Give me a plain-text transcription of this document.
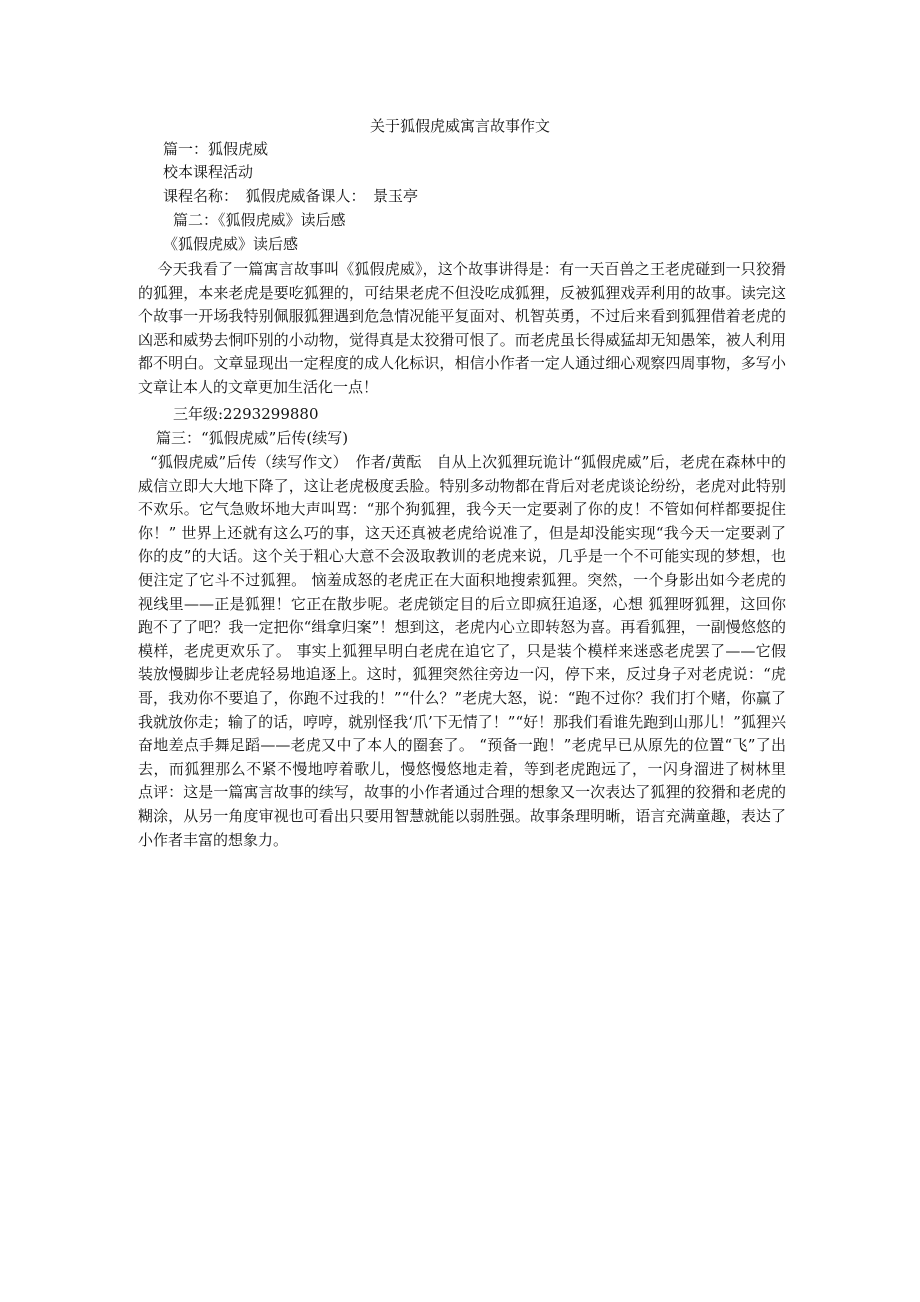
关于狐假虎威寓言故事作文
篇一：狐假虎威
校本课程活动
课程名称：　狐假虎威备课人：　景玉亭
篇二：《狐假虎威》读后感
《狐假虎威》读后感

今天我看了一篇寓言故事叫《狐假虎威》，这个故事讲得是：有一天百兽之王老虎碰到一只狡猾的狐狸，本来老虎是要吃狐狸的，可结果老虎不但没吃成狐狸，反被狐狸戏弄利用的故事。读完这个故事一开场我特别佩服狐狸遇到危急情况能平复面对、机智英勇，不过后来看到狐狸借着老虎的凶恶和威势去恫吓别的小动物，觉得真是太狡猾可恨了。而老虎虽长得威猛却无知愚笨，被人利用都不明白。文章显现出一定程度的成人化标识，相信小作者一定人通过细心观察四周事物，多写小文章让本人的文章更加生活化一点！

三年级:2293299880
篇三：“狐假虎威”后传(续写)

“狐假虎威”后传（续写作文）　作者/黄酝　自从上次狐狸玩诡计“狐假虎威”后，老虎在森林中的威信立即大大地下降了，这让老虎极度丢脸。特别多动物都在背后对老虎谈论纷纷，老虎对此特别不欢乐。它气急败坏地大声叫骂：“那个狗狐狸，我今天一定要剥了你的皮！不管如何样都要捉住你！” 世界上还就有这么巧的事，这天还真被老虎给说准了，但是却没能实现“我今天一定要剥了你的皮”的大话。这个关于粗心大意不会汲取教训的老虎来说，几乎是一个不可能实现的梦想，也便注定了它斗不过狐狸。 恼羞成怒的老虎正在大面积地搜索狐狸。突然，一个身影出如今老虎的视线里——正是狐狸！它正在散步呢。老虎锁定目的后立即疯狂追逐，心想 狐狸呀狐狸，这回你跑不了了吧？我一定把你“缉拿归案”！想到这，老虎内心立即转怒为喜。再看狐狸，一副慢悠悠的模样，老虎更欢乐了。 事实上狐狸早明白老虎在追它了，只是装个模样来迷惑老虎罢了——它假装放慢脚步让老虎轻易地追逐上。这时，狐狸突然往旁边一闪，停下来，反过身子对老虎说：“虎哥，我劝你不要追了，你跑不过我的！”“什么？”老虎大怒，说：“跑不过你？我们打个赌，你赢了我就放你走；输了的话，哼哼，就别怪我‘爪’下无情了！”“好！那我们看谁先跑到山那儿！”狐狸兴奋地差点手舞足蹈——老虎又中了本人的圈套了。 “预备一跑！”老虎早已从原先的位置“飞”了出去，而狐狸那么不紧不慢地哼着歌儿，慢悠慢悠地走着，等到老虎跑远了，一闪身溜进了树林里 点评：这是一篇寓言故事的续写，故事的小作者通过合理的想象又一次表达了狐狸的狡猾和老虎的糊涂，从另一角度审视也可看出只要用智慧就能以弱胜强。故事条理明晰，语言充满童趣，表达了小作者丰富的想象力。
